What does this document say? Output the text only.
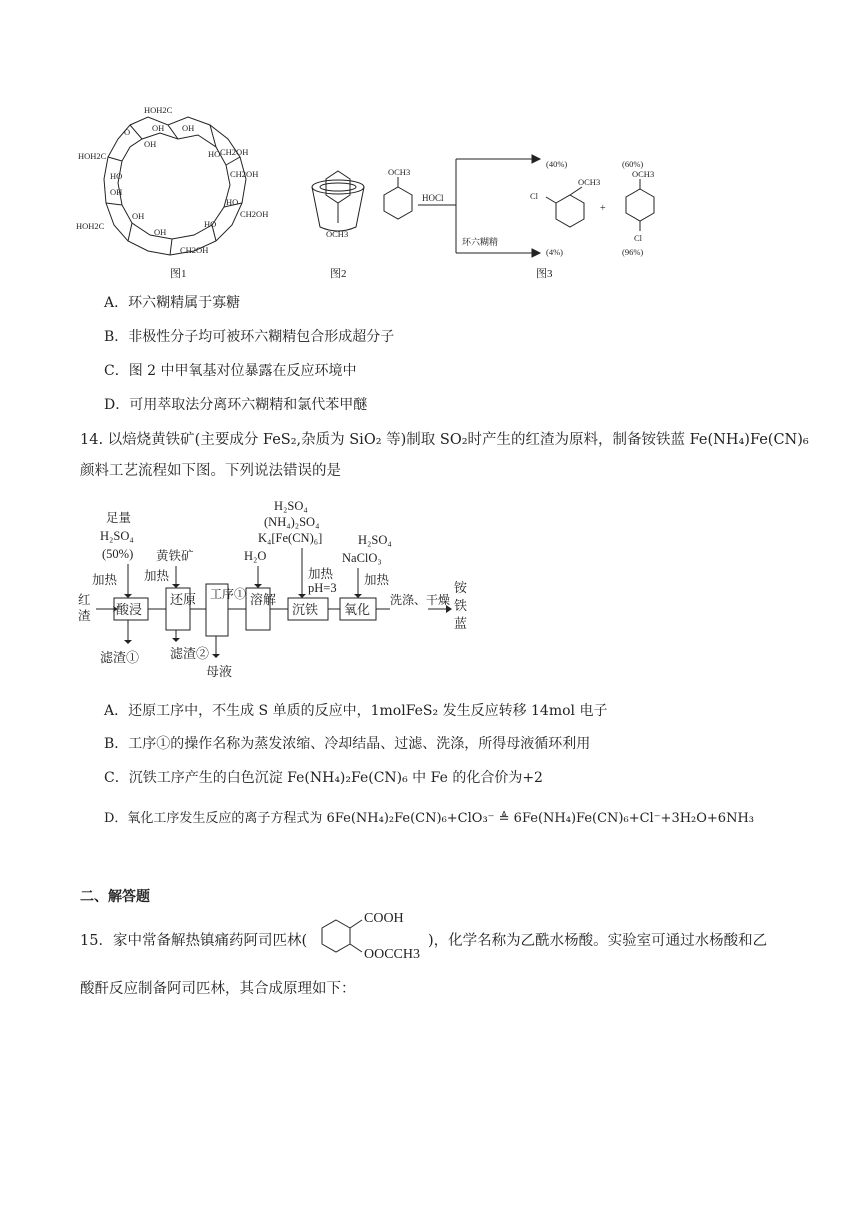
HOH2C
OH OH
CH2OH
HOH2C
OH
HO
O
CH2OH
HO
OH
HO
CH2OH
HOH2C
OH
HO
OH
CH2OH
图1
OCH3
图2
OCH3
HOCl
环六糊精
(40%)
(4%)
OCH3
Cl
+
(60%)
OCH3
Cl
(96%)
图3
A．环六糊精属于寡糖
B．非极性分子均可被环六糊精包合形成超分子
C．图 2 中甲氧基对位暴露在反应环境中
D．可用萃取法分离环六糊精和氯代苯甲醚
14. 以焙烧黄铁矿(主要成分 FeS₂,杂质为 SiO₂ 等)制取 SO₂时产生的红渣为原料，制备铵铁蓝 Fe(NH₄)Fe(CN)₆
颜料工艺流程如下图。下列说法错误的是
红
渣
足量
H₂SO₄
(50%)
加热
黄铁矿
加热
H₂O
H₂SO₄
(NH₄)₂SO₄
K₄[Fe(CN)₆]
加热
pH=3
H₂SO₄
NaClO₃
加热
酸浸
还原 工序① 溶解
沉铁 氧化
洗涤、干燥
铵
铁
蓝
滤渣① 滤渣②
母液
A．还原工序中，不生成 S 单质的反应中，1molFeS₂ 发生反应转移 14mol 电子
B．工序①的操作名称为蒸发浓缩、冷却结晶、过滤、洗涤，所得母液循环利用
C．沉铁工序产生的白色沉淀 Fe(NH₄)₂Fe(CN)₆ 中 Fe 的化合价为+2
D．氧化工序发生反应的离子方程式为 6Fe(NH₄)₂Fe(CN)₆+ClO₃⁻ ≜ 6Fe(NH₄)Fe(CN)₆+Cl⁻+3H₂O+6NH₃
二、解答题
15．家中常备解热镇痛药阿司匹林(
COOH
OOCCH3
)，化学名称为乙酰水杨酸。实验室可通过水杨酸和乙
酸酐反应制备阿司匹林，其合成原理如下：
